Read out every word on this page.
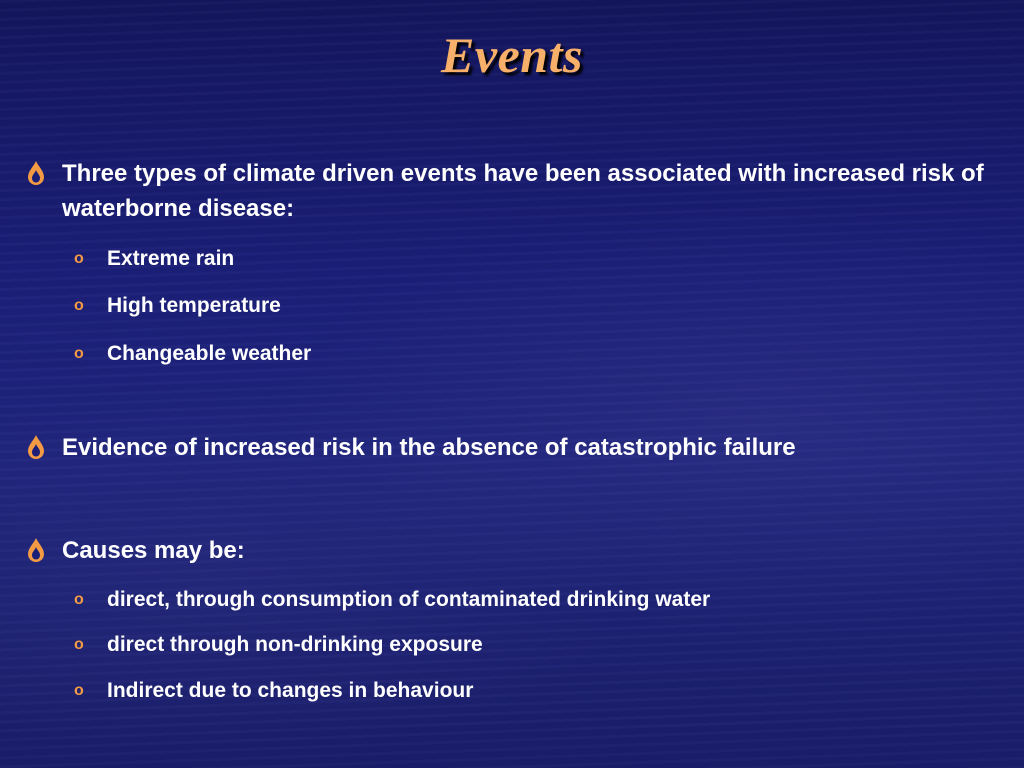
Events
Three types of climate driven events have been associated with increased risk of waterborne disease:
o Extreme rain
o High temperature
o Changeable weather
Evidence of increased risk in the absence of catastrophic failure
Causes may be:
o direct, through consumption of contaminated drinking water
o direct through non-drinking exposure
o Indirect due to changes in behaviour
